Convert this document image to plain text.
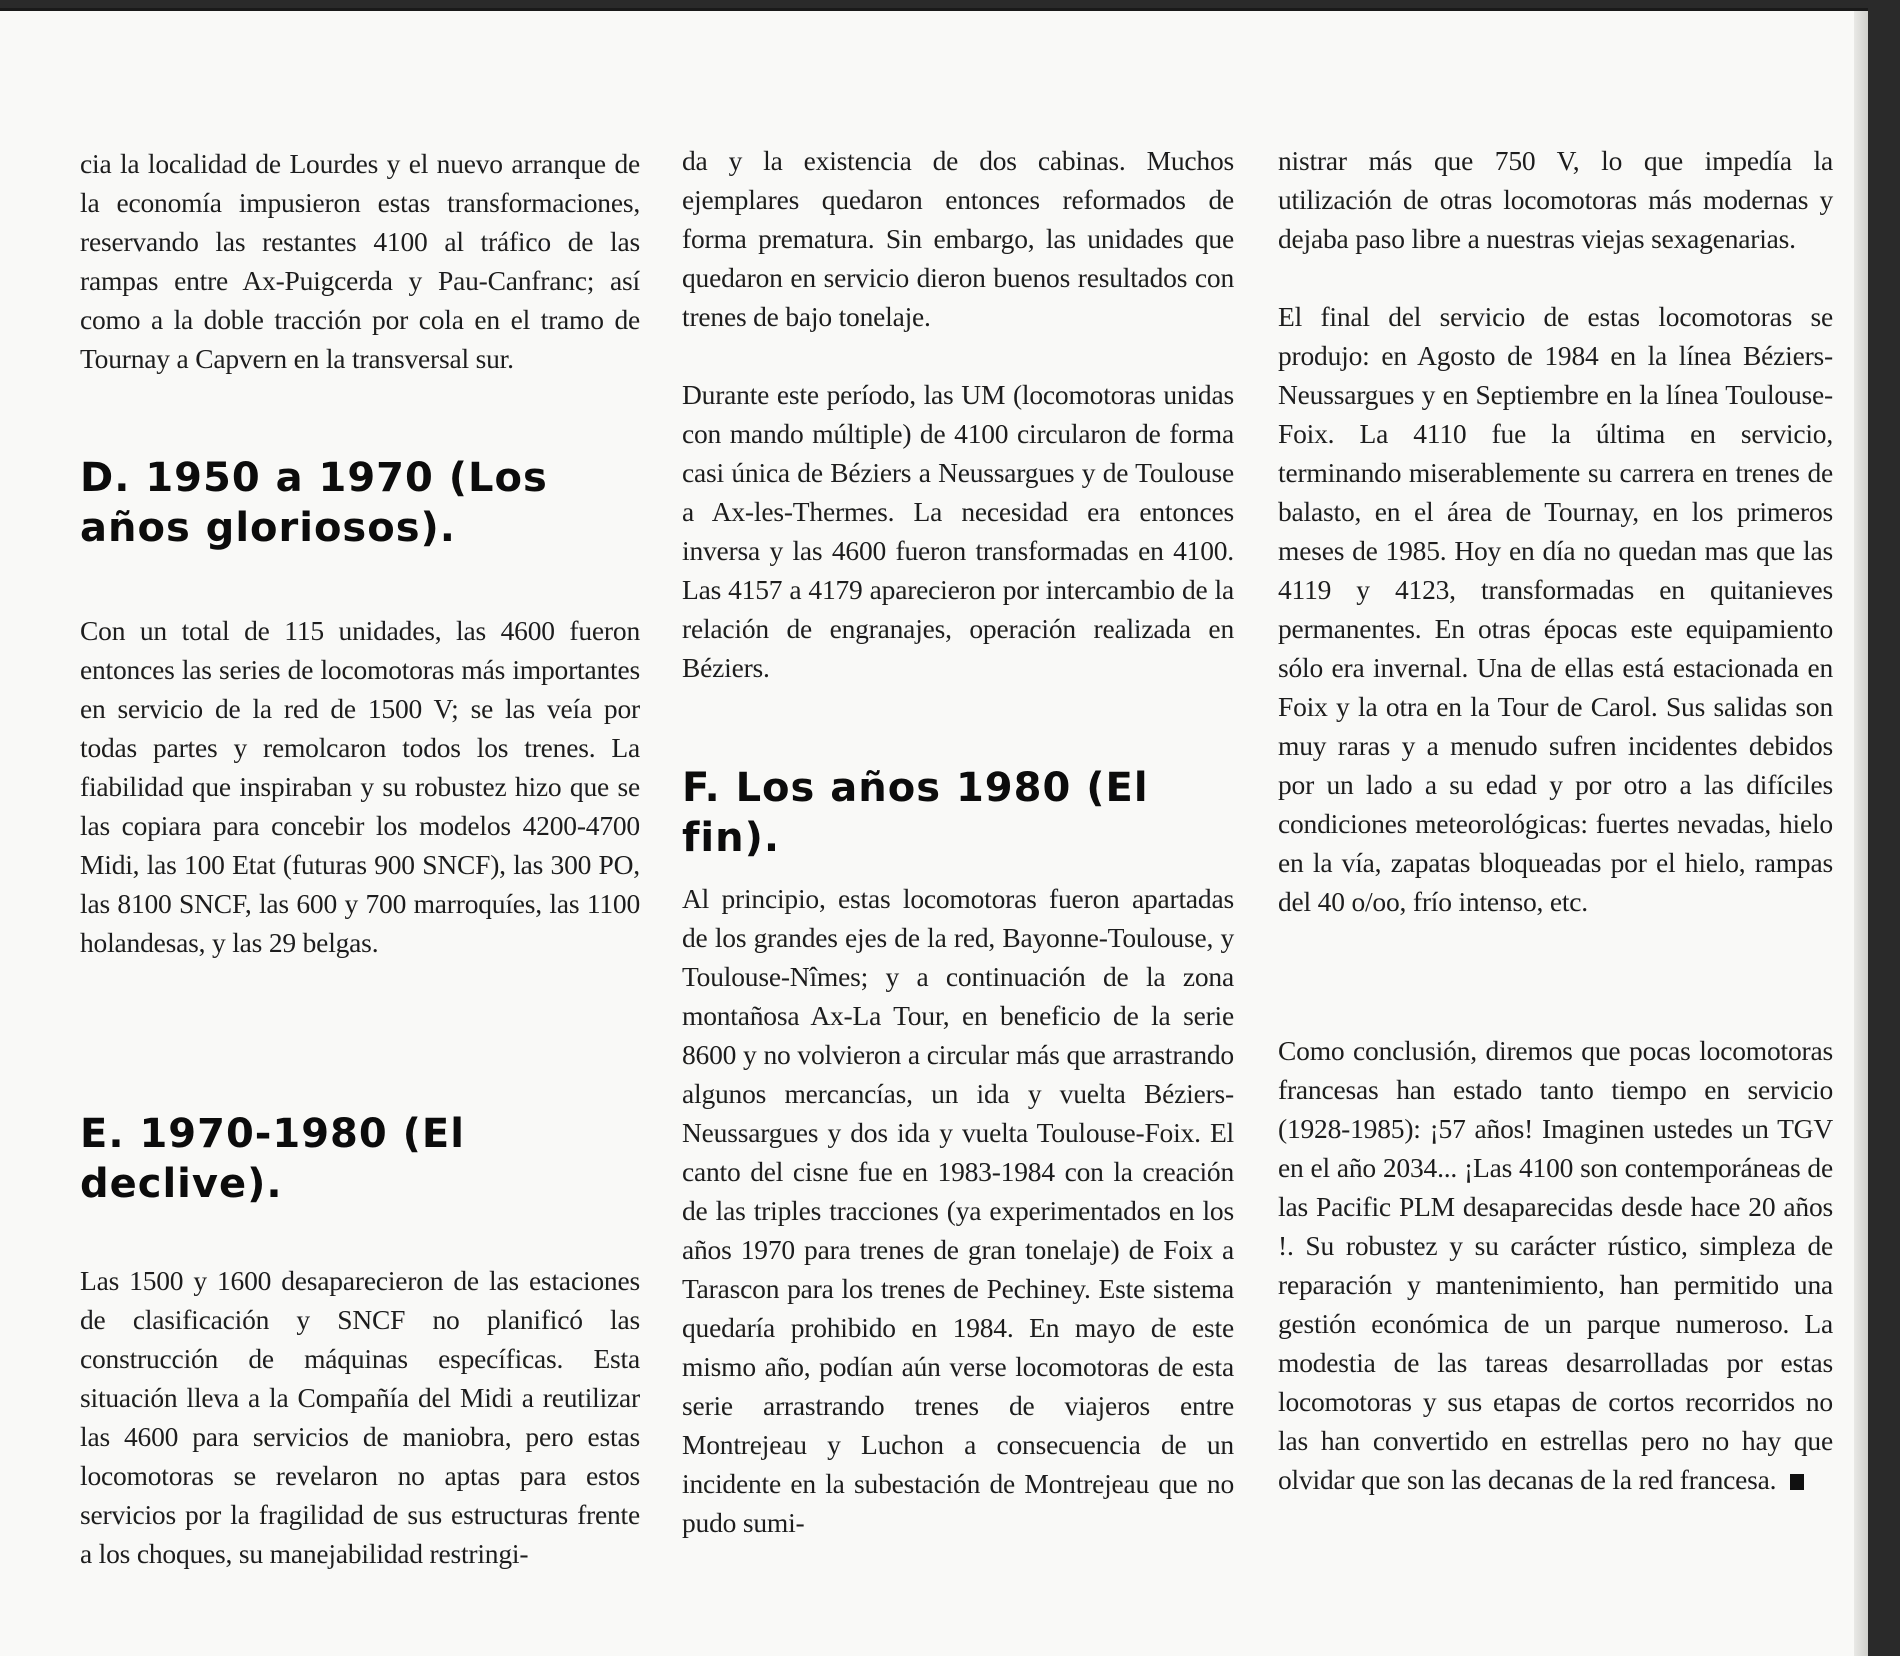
cia la localidad de Lourdes y el nuevo arranque de la economía impusieron estas transformaciones, reservando las restantes 4100 al tráfico de las rampas entre Ax-Puigcerda y Pau-Canfranc; así como a la doble tracción por cola en el tramo de Tournay a Capvern en la transversal sur.

D. 1950 a 1970 (Los años gloriosos).

Con un total de 115 unidades, las 4600 fueron entonces las series de locomotoras más importantes en servicio de la red de 1500 V; se las veía por todas partes y remolcaron todos los trenes. La fiabilidad que inspiraban y su robustez hizo que se las copiara para concebir los modelos 4200-4700 Midi, las 100 Etat (futuras 900 SNCF), las 300 PO, las 8100 SNCF, las 600 y 700 marroquíes, las 1100 holandesas, y las 29 belgas.

E. 1970-1980 (El declive).

Las 1500 y 1600 desaparecieron de las estaciones de clasificación y SNCF no planificó las construcción de máquinas específicas. Esta situación lleva a la Compañía del Midi a reutilizar las 4600 para servicios de maniobra, pero estas locomotoras se revelaron no aptas para estos servicios por la fragilidad de sus estructuras frente a los choques, su manejabilidad restringi-

da y la existencia de dos cabinas. Muchos ejemplares quedaron entonces reformados de forma prematura. Sin embargo, las unidades que quedaron en servicio dieron buenos resultados con trenes de bajo tonelaje.

Durante este período, las UM (locomotoras unidas con mando múltiple) de 4100 circularon de forma casi única de Béziers a Neussargues y de Toulouse a Ax-les-Thermes. La necesidad era entonces inversa y las 4600 fueron transformadas en 4100. Las 4157 a 4179 aparecieron por intercambio de la relación de engranajes, operación realizada en Béziers.

F. Los años 1980 (El fin).

Al principio, estas locomotoras fueron apartadas de los grandes ejes de la red, Bayonne-Toulouse, y Toulouse-Nîmes; y a continuación de la zona montañosa Ax-La Tour, en beneficio de la serie 8600 y no volvieron a circular más que arrastrando algunos mercancías, un ida y vuelta Béziers-Neussargues y dos ida y vuelta Toulouse-Foix. El canto del cisne fue en 1983-1984 con la creación de las triples tracciones (ya experimentados en los años 1970 para trenes de gran tonelaje) de Foix a Tarascon para los trenes de Pechiney. Este sistema quedaría prohibido en 1984. En mayo de este mismo año, podían aún verse locomotoras de esta serie arrastrando trenes de viajeros entre Montrejeau y Luchon a consecuencia de un incidente en la subestación de Montrejeau que no pudo sumi-

nistrar más que 750 V, lo que impedía la utilización de otras locomotoras más modernas y dejaba paso libre a nuestras viejas sexagenarias.

El final del servicio de estas locomotoras se produjo: en Agosto de 1984 en la línea Béziers-Neussargues y en Septiembre en la línea Toulouse-Foix. La 4110 fue la última en servicio, terminando miserablemente su carrera en trenes de balasto, en el área de Tournay, en los primeros meses de 1985. Hoy en día no quedan mas que las 4119 y 4123, transformadas en quitanieves permanentes. En otras épocas este equipamiento sólo era invernal. Una de ellas está estacionada en Foix y la otra en la Tour de Carol. Sus salidas son muy raras y a menudo sufren incidentes debidos por un lado a su edad y por otro a las difíciles condiciones meteorológicas: fuertes nevadas, hielo en la vía, zapatas bloqueadas por el hielo, rampas del 40 o/oo, frío intenso, etc.

Como conclusión, diremos que pocas locomotoras francesas han estado tanto tiempo en servicio (1928-1985): ¡57 años! Imaginen ustedes un TGV en el año 2034... ¡Las 4100 son contemporáneas de las Pacific PLM desaparecidas desde hace 20 años !. Su robustez y su carácter rústico, simpleza de reparación y mantenimiento, han permitido una gestión económica de un parque numeroso. La modestia de las tareas desarrolladas por estas locomotoras y sus etapas de cortos recorridos no las han convertido en estrellas pero no hay que olvidar que son las decanas de la red francesa.
